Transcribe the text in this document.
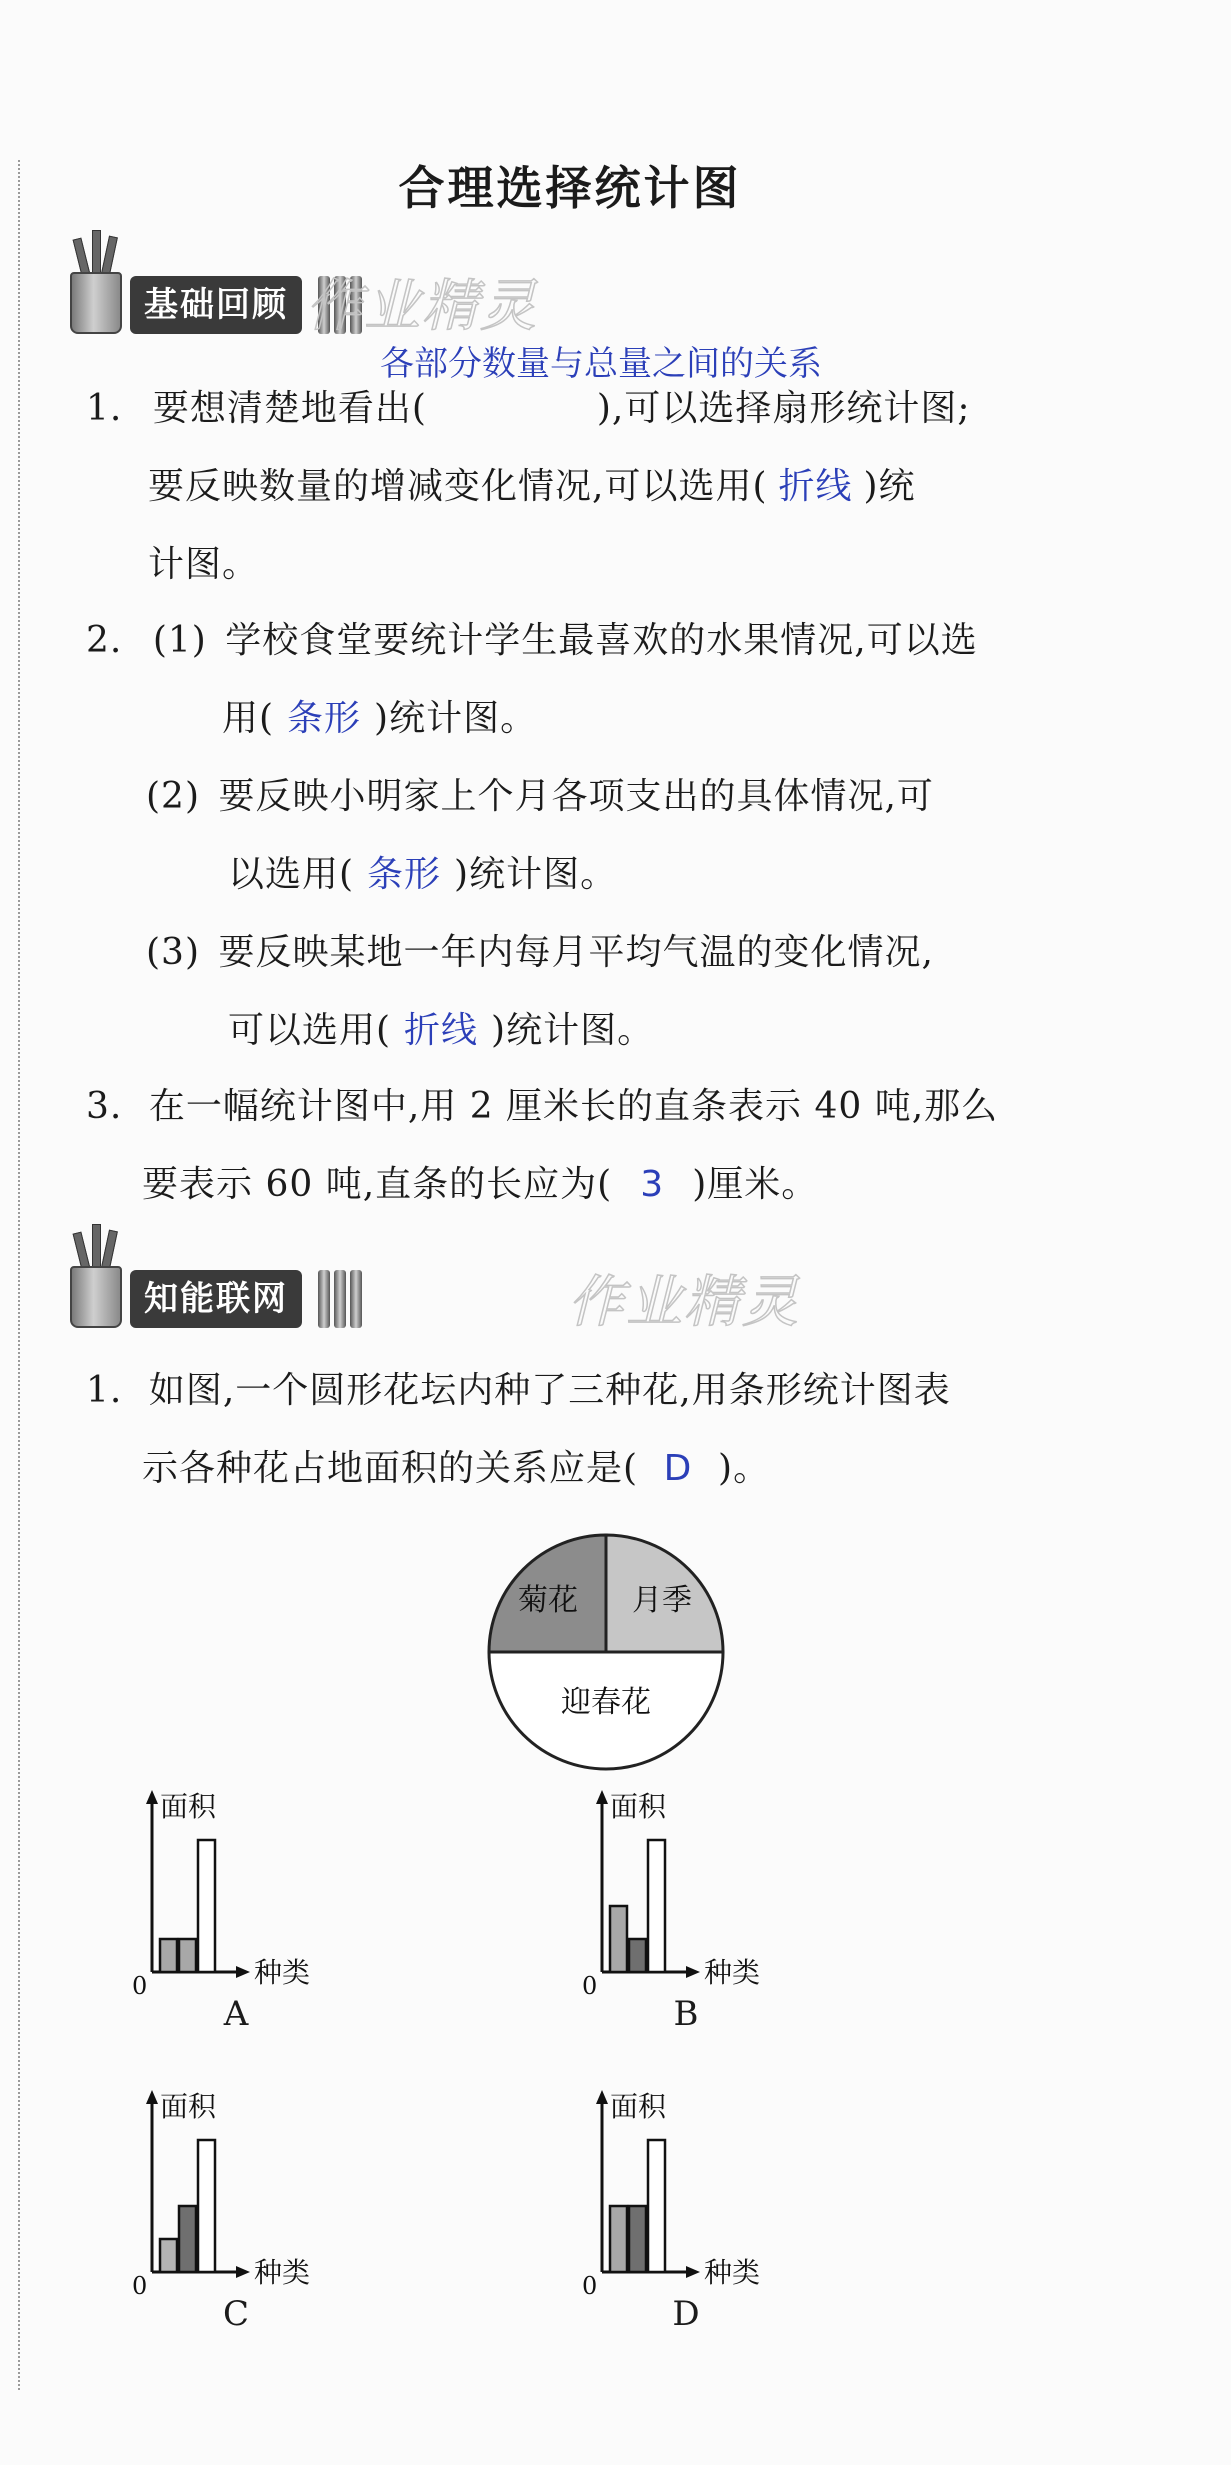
合理选择统计图
基础回顾 作业精灵
各部分数量与总量之间的关系
1. 要想清楚地看出(	),可以选择扇形统计图;
要反映数量的增减变化情况,可以选用( 折线 )统
计图。
2. (1) 学校食堂要统计学生最喜欢的水果情况,可以选
用( 条形 )统计图。
(2) 要反映小明家上个月各项支出的具体情况,可
以选用( 条形 )统计图。
(3) 要反映某地一年内每月平均气温的变化情况,
可以选用( 折线 )统计图。
3. 在一幅统计图中,用 2 厘米长的直条表示 40 吨,那么
要表示 60 吨,直条的长应为( 3 )厘米。
知能联网	作业精灵
1. 如图,一个圆形花坛内种了三种花,用条形统计图表
示各种花占地面积的关系应是( D )。
菊花 月季
迎春花
面积
种类
0
面积
种类
0
面积
种类
0
面积
种类
0
A	B
C	D
